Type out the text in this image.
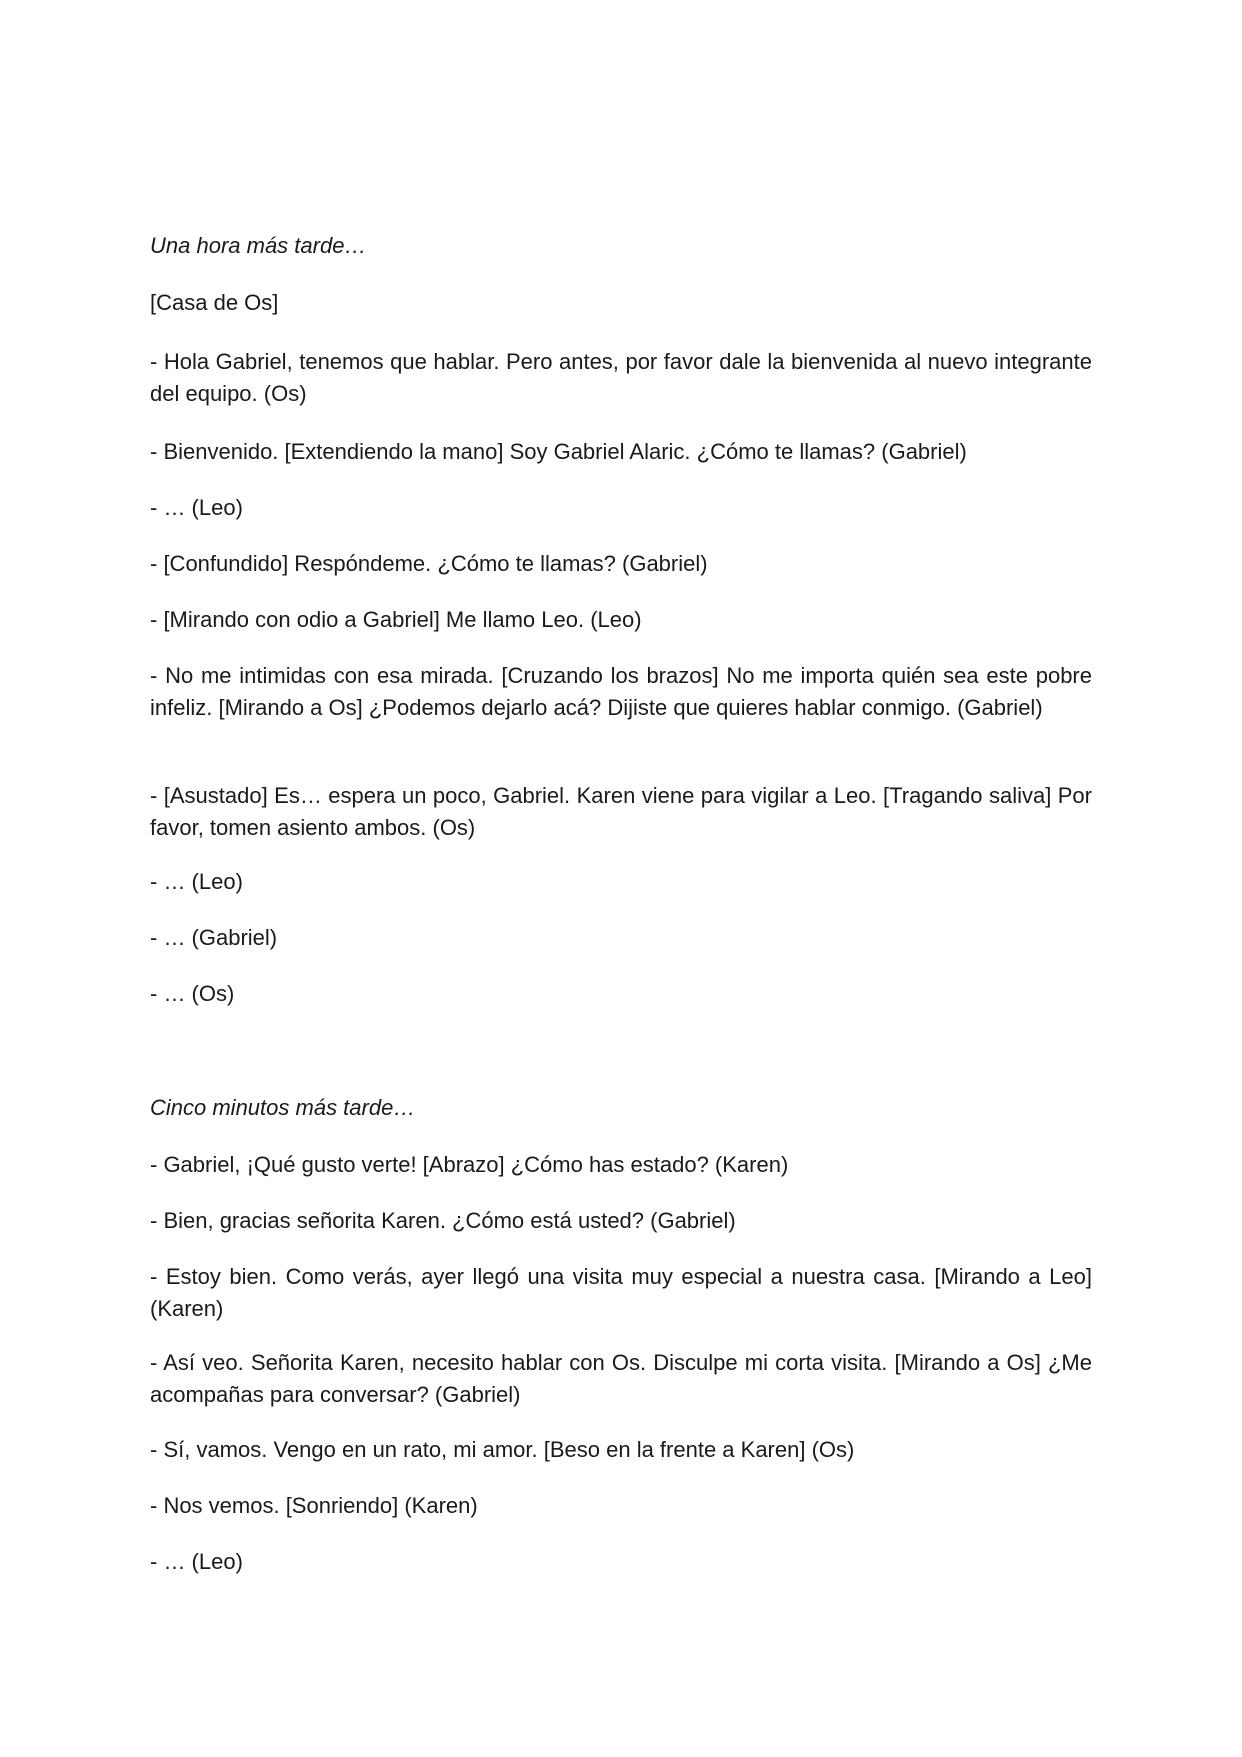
Una hora más tarde…

[Casa de Os]

- Hola Gabriel, tenemos que hablar. Pero antes, por favor dale la bienvenida al nuevo integrante del equipo. (Os)

- Bienvenido. [Extendiendo la mano] Soy Gabriel Alaric. ¿Cómo te llamas? (Gabriel)

- … (Leo)

- [Confundido] Respóndeme. ¿Cómo te llamas? (Gabriel)

- [Mirando con odio a Gabriel] Me llamo Leo. (Leo)

- No me intimidas con esa mirada. [Cruzando los brazos] No me importa quién sea este pobre infeliz. [Mirando a Os] ¿Podemos dejarlo acá? Dijiste que quieres hablar conmigo. (Gabriel)

- [Asustado] Es… espera un poco, Gabriel. Karen viene para vigilar a Leo. [Tragando saliva] Por favor, tomen asiento ambos. (Os)

- … (Leo)

- … (Gabriel)

- … (Os)

Cinco minutos más tarde…

- Gabriel, ¡Qué gusto verte! [Abrazo] ¿Cómo has estado? (Karen)

- Bien, gracias señorita Karen. ¿Cómo está usted? (Gabriel)

- Estoy bien. Como verás, ayer llegó una visita muy especial a nuestra casa. [Mirando a Leo] (Karen)

- Así veo. Señorita Karen, necesito hablar con Os. Disculpe mi corta visita. [Mirando a Os] ¿Me acompañas para conversar? (Gabriel)

- Sí, vamos. Vengo en un rato, mi amor. [Beso en la frente a Karen] (Os)

- Nos vemos. [Sonriendo] (Karen)

- … (Leo)
